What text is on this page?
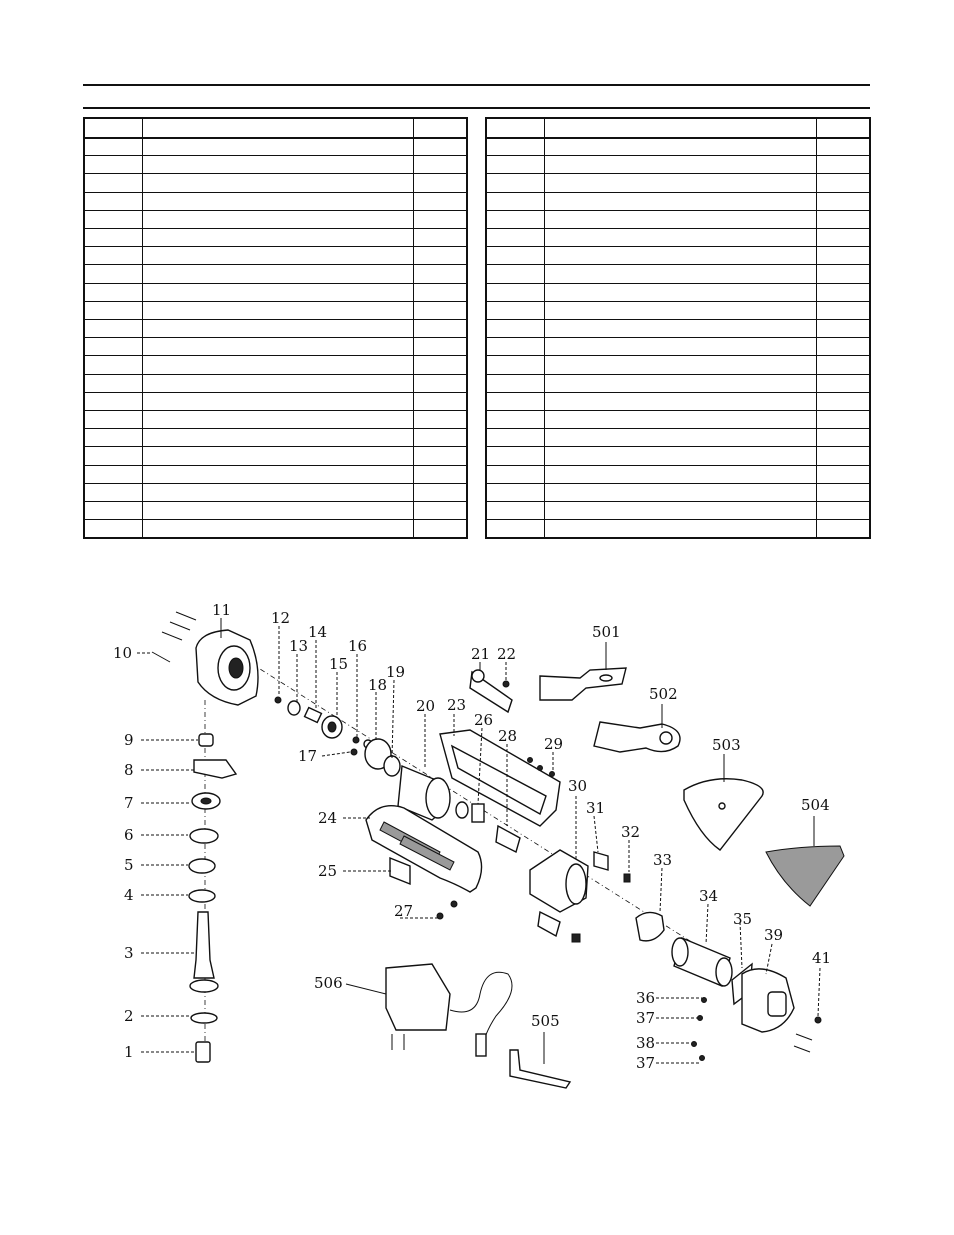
1
2
3
4
5
6
7
8
9
10
11	12
13
14
15
16
17
18
19
20
21 22
23
24
25
26
27
28 29
30
31
32
33
34
35
36
37
38
37
39
41
501
502
503
504
505
506
